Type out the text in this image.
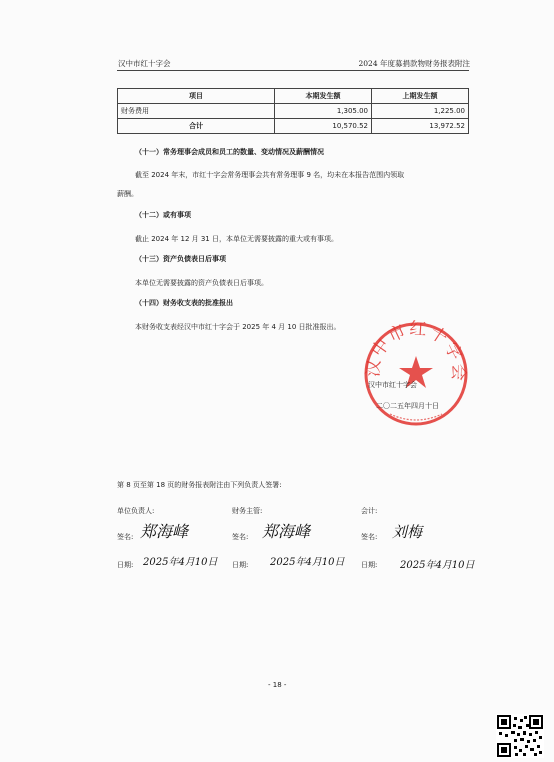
汉中市红十字会	2024 年度募捐款物财务报表附注
项目	本期发生额	上期发生额
财务费用	1,305.00	1,225.00
合计	10,570.52	13,972.52
（十一）常务理事会成员和员工的数量、变动情况及薪酬情况
截至 2024 年末，市红十字会常务理事会共有常务理事 9 名，均未在本报告范围内领取
薪酬。
（十二）或有事项
截止 2024 年 12 月 31 日，本单位无需要披露的重大或有事项。
（十三）资产负债表日后事项
本单位无需要披露的资产负债表日后事项。
（十四）财务收支表的批准报出
本财务收支表经汉中市红十字会于 2025 年 4 月 10 日批准报出。
汉中市红十字会
汉中市红十字会
二〇二五年四月十日
第 8 页至第 18 页的财务报表附注由下列负责人签署:
单位负责人:	财务主管:	会计:
签名:	签名:	签名:
郑海峰	郑海峰	刘梅
日期:	日期:	日期:
2025年4月10日	2025年4月10日	2025年4月10日
- 18 -
